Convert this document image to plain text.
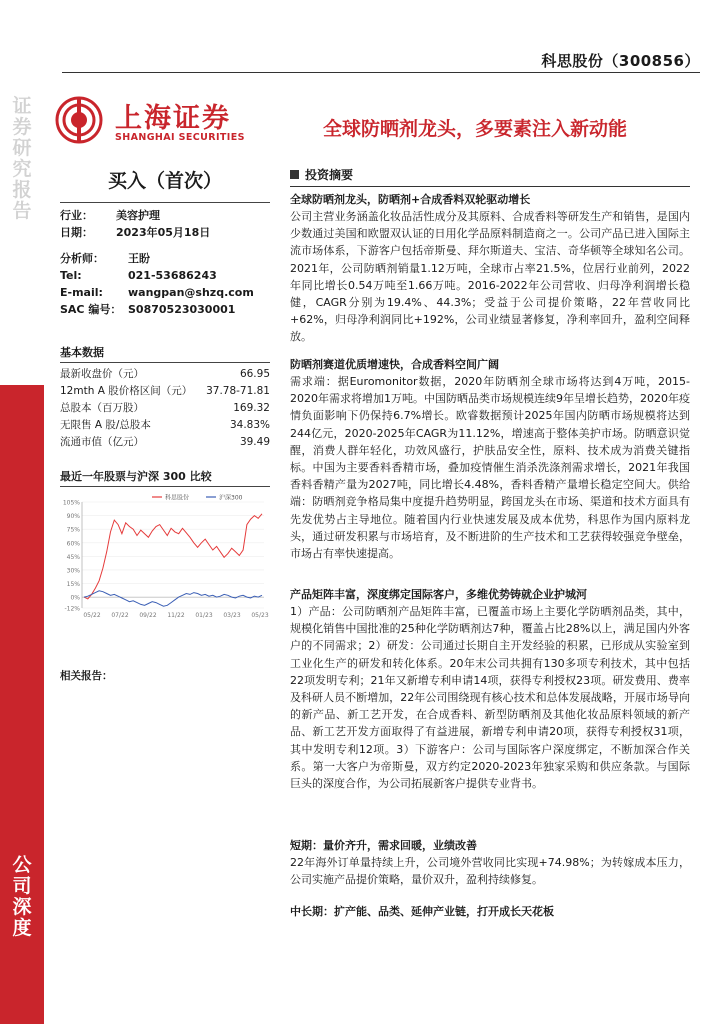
证券研究报告
公司深度
科思股份（300856）
上海证券
SHANGHAI SECURITIES	全球防晒剂龙头，多要素注入新动能
买入（首次）
行业：	美容护理
日期：	2023年05月18日
分析师：	王盼
Tel:	021-53686243
E-mail:	wangpan@shzq.com
SAC 编号： S0870523030001
基本数据
最新收盘价（元）	66.95
12mth A 股价格区间（元） 37.78-71.81
总股本（百万股）	169.32
无限售 A 股/总股本	34.83%
流通市值（亿元）	39.49
最近一年股票与沪深 300 比较
105%
90%
75%
60%
45%
30%
15%
0%
-12%
05/22 07/22 09/22 11/22 01/23 03/23 05/23
科思股份	沪深300
相关报告：
投资摘要
全球防晒剂龙头，防晒剂+合成香料双轮驱动增长
公司主营业务涵盖化妆品活性成分及其原料、合成香料等研发生产和销售，是国内少数通过美国和欧盟双认证的日用化学品原料制造商之一。公司产品已进入国际主流市场体系，下游客户包括帝斯曼、拜尔斯道夫、宝洁、奇华顿等全球知名公司。2021年，公司防晒剂销量1.12万吨，全球市占率21.5%，位居行业前列，2022年同比增长0.54万吨至1.66万吨。2016-2022年公司营收、归母净利润增长稳健，CAGR分别为19.4%、44.3%；受益于公司提价策略，22年营收同比+62%，归母净利润同比+192%，公司业绩显著修复，净利率回升，盈利空间释放。
防晒剂赛道优质增速快，合成香料空间广阔
需求端：据Euromonitor数据，2020年防晒剂全球市场将达到4万吨，2015-2020年需求将增加1万吨。中国防晒品类市场规模连续9年呈增长趋势，2020年疫情负面影响下仍保持6.7%增长。欧睿数据预计2025年国内防晒市场规模将达到244亿元，2020-2025年CAGR为11.12%，增速高于整体美护市场。防晒意识觉醒，消费人群年轻化，功效风盛行，护肤品安全性，原料、技术成为消费关键指标。中国为主要香料香精市场，叠加疫情催生消杀洗涤剂需求增长，2021年我国香料香精产量为2027吨，同比增长4.48%，香料香精产量增长稳定空间大。供给端：防晒剂竞争格局集中度提升趋势明显，跨国龙头在市场、渠道和技术方面具有先发优势占主导地位。随着国内行业快速发展及成本优势，科思作为国内原料龙头，通过研发积累与市场培育，及不断进阶的生产技术和工艺获得较强竞争壁垒，市场占有率快速提高。
产品矩阵丰富，深度绑定国际客户，多维优势铸就企业护城河
1）产品：公司防晒剂产品矩阵丰富，已覆盖市场上主要化学防晒剂品类，其中，规模化销售中国批准的25种化学防晒剂达7种，覆盖占比28%以上，满足国内外客户的不同需求；2）研发：公司通过长期自主开发经验的积累，已形成从实验室到工业化生产的研发和转化体系。20年末公司共拥有130多项专利技术，其中包括22项发明专利；21年又新增专利申请14项，获得专利授权23项。研发费用、费率及科研人员不断增加，22年公司围绕现有核心技术和总体发展战略，开展市场导向的新产品、新工艺开发，在合成香料、新型防晒剂及其他化妆品原料领域的新产品、新工艺开发方面取得了有益进展，新增专利申请20项，获得专利授权31项，其中发明专利12项。3）下游客户：公司与国际客户深度绑定，不断加深合作关系。第一大客户为帝斯曼，双方约定2020-2023年独家采购和供应条款。与国际巨头的深度合作，为公司拓展新客户提供专业背书。
短期：量价齐升，需求回暖，业绩改善
22年海外订单量持续上升，公司境外营收同比实现+74.98%；为转嫁成本压力，公司实施产品提价策略，量价双升，盈利持续修复。
中长期：扩产能、品类、延伸产业链，打开成长天花板
